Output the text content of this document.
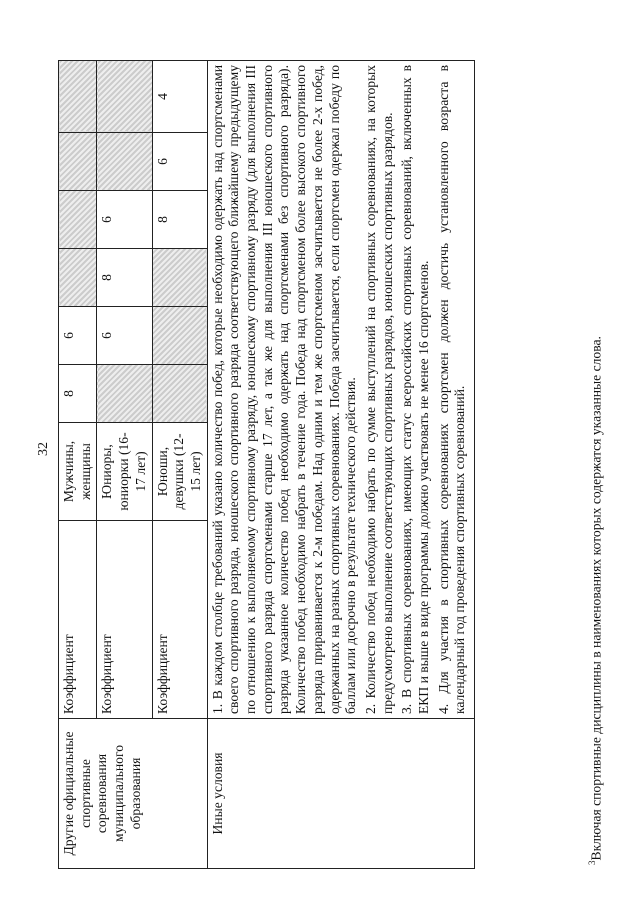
32
Другие официальные спортивные соревнования муниципального образования	Коэффициент	Мужчины, женщины	8	6				
	Коэффициент	Юниоры, юниорки (16-17 лет)		6	8	6		
	Коэффициент	Юноши, девушки (12-15 лет)				8	6	4
Иные условия	1. В каждом столбце требований указано количество побед, которые необходимо одержать над спортсменами своего спортивного разряда, юношеского спортивного разряда соответствующего ближайшему предыдущему по отношению к выполняемому спортивному разряду, юношескому спортивному разряду (для выполнения III спортивного разряда спортсменами старше 17 лет, а так же для выполнения III юношеского спортивного разряда указанное количество побед необходимо одержать над спортсменами без спортивного разряда). Количество побед необходимо набрать в течение года. Победа над спортсменом более высокого спортивного разряда приравнивается к 2-м победам. Над одним и тем же спортсменом засчитывается не более 2-х побед, одержанных на разных спортивных соревнованиях. Победа засчитывается, если спортсмен одержал победу по баллам или досрочно в результате технического действия. 2. Количество побед необходимо набрать по сумме выступлений на спортивных соревнованиях, на которых предусмотрено выполнение соответствующих спортивных разрядов, юношеских спортивных разрядов. 3. В спортивных соревнованиях, имеющих статус всероссийских спортивных соревнований, включенных в ЕКП и выше в виде программы должно участвовать не менее 16 спортсменов. 4. Для участия в спортивных соревнованиях спортсмен должен достичь установленного возраста в календарный год проведения спортивных соревнований.							

$^3$Включая спортивные дисциплины в наименованиях которых содержатся указанные слова.
